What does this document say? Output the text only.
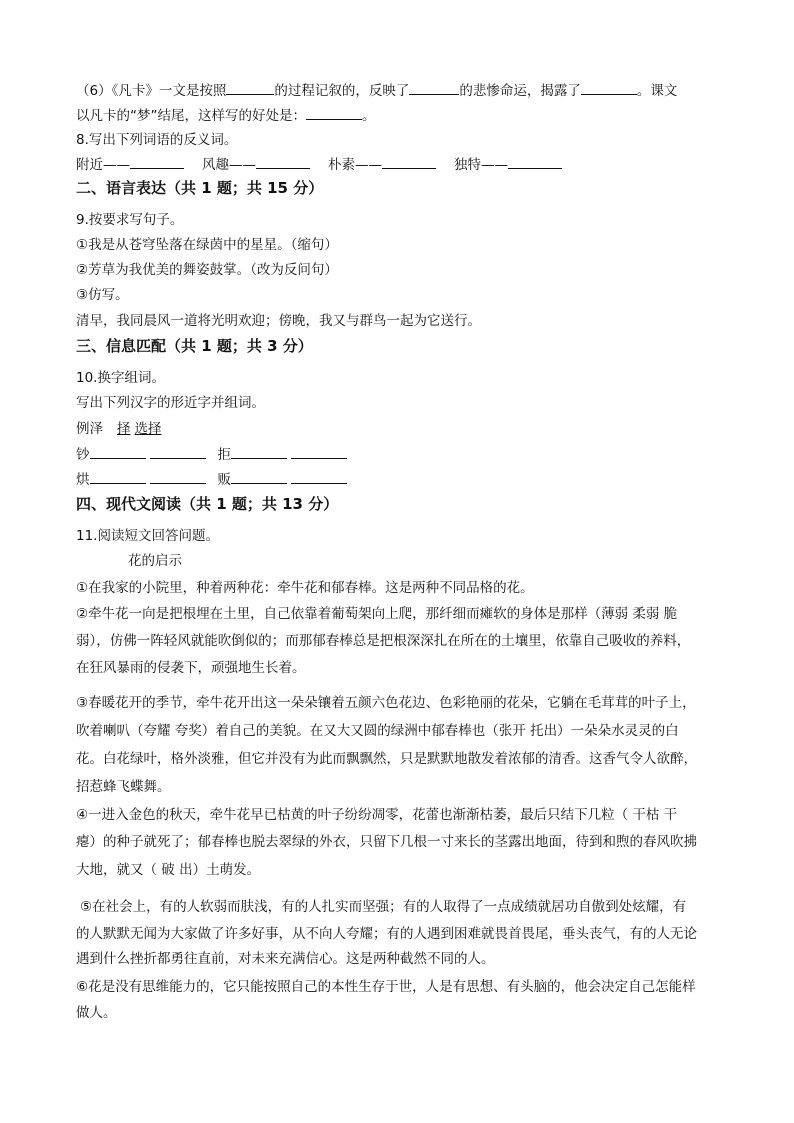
（6）《凡卡》一文是按照	的过程记叙的，反映了	的悲惨命运，揭露了	。课文
以凡卡的“梦”结尾，这样写的好处是：	。
8.写出下列词语的反义词。
附近——	风趣——	朴素——	独特——
二、语言表达（共 1 题；共 15 分）
9.按要求写句子。
①我是从苍穹坠落在绿茵中的星星。（缩句）
②芳草为我优美的舞姿鼓掌。（改为反问句）
③仿写。
清早，我同晨风一道将光明欢迎；傍晚，我又与群鸟一起为它送行。
三、信息匹配（共 1 题；共 3 分）
10.换字组词。
写出下列汉字的形近字并组词。
例泽 择 选择
钞	拒
烘	贩
四、现代文阅读（共 1 题；共 13 分）
11.阅读短文回答问题。
花的启示
①在我家的小院里，种着两种花：牵牛花和郁春棒。这是两种不同品格的花。
②牵牛花一向是把根埋在土里，自己依靠着葡萄架向上爬，那纤细而瘫软的身体是那样（薄弱 柔弱 脆
弱），仿佛一阵轻风就能吹倒似的；而那郁春棒总是把根深深扎在所在的土壤里，依靠自己吸收的养料，
在狂风暴雨的侵袭下，顽强地生长着。
③春暖花开的季节，牵牛花开出这一朵朵镶着五颜六色花边、色彩艳丽的花朵，它躺在毛茸茸的叶子上，
吹着喇叭（夸耀 夸奖）着自己的美貌。在又大又圆的绿洲中郁春棒也（张开 托出）一朵朵水灵灵的白
花。白花绿叶，格外淡雅，但它并没有为此而飘飘然，只是默默地散发着浓郁的清香。这香气令人欲醉，
招惹蜂飞蝶舞。
④一进入金色的秋天，牵牛花早已枯黄的叶子纷纷凋零，花蕾也渐渐枯萎，最后只结下几粒（ 干枯 干
瘪）的种子就死了；郁春棒也脱去翠绿的外衣，只留下几根一寸来长的茎露出地面，待到和煦的春风吹拂
大地，就又（ 破 出）土萌发。
⑤在社会上，有的人软弱而肤浅，有的人扎实而坚强；有的人取得了一点成绩就居功自傲到处炫耀，有
的人默默无闻为大家做了许多好事，从不向人夸耀；有的人遇到困难就畏首畏尾，垂头丧气，有的人无论
遇到什么挫折都勇往直前，对未来充满信心。这是两种截然不同的人。
⑥花是没有思维能力的，它只能按照自己的本性生存于世，人是有思想、有头脑的，他会决定自己怎能样
做人。
